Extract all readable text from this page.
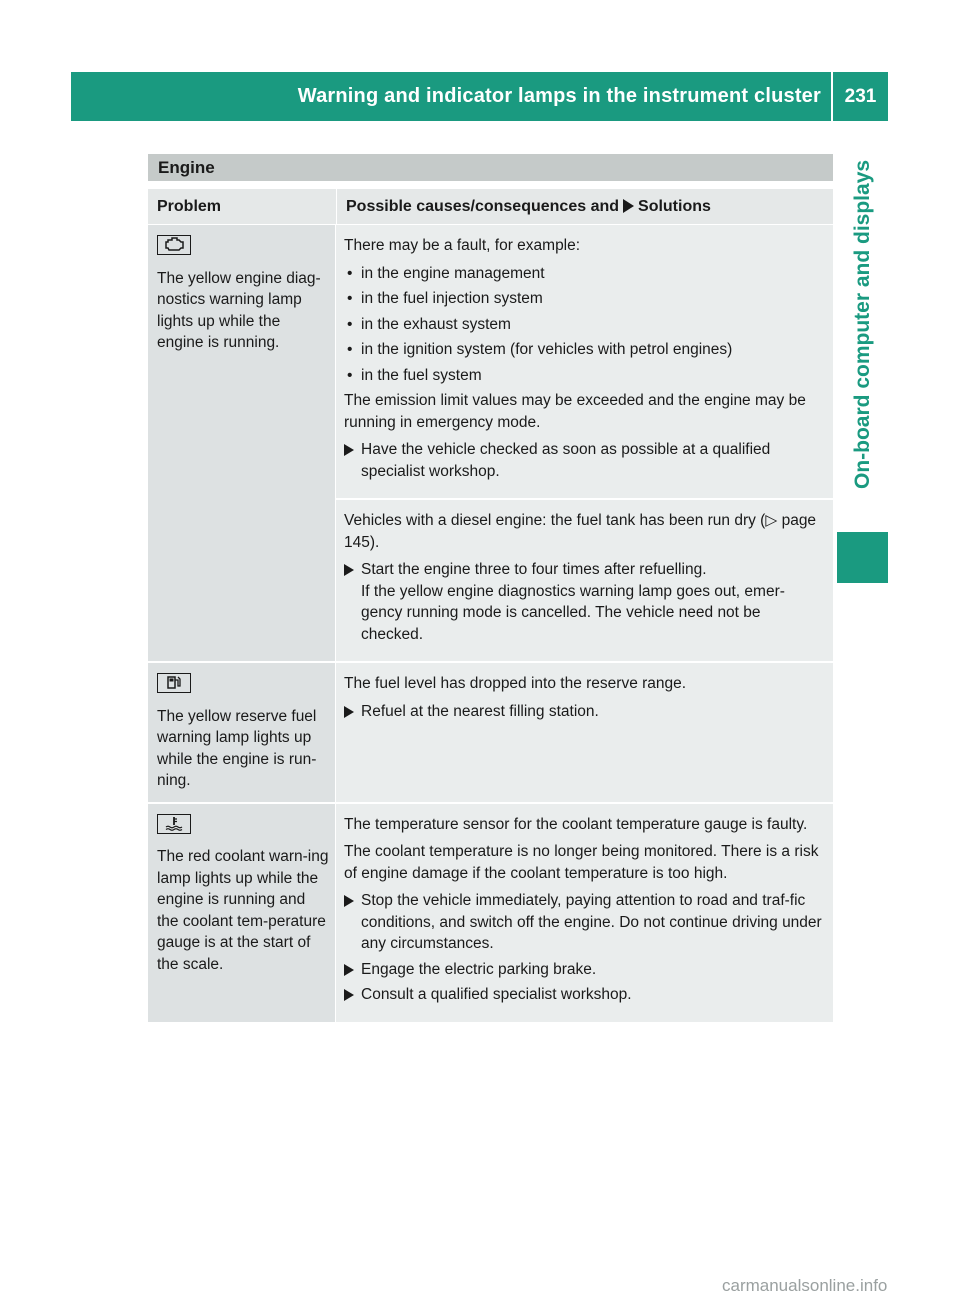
Warning and indicator lamps in the instrument cluster	231
On-board computer and displays
Engine
Problem	Possible causes/consequences and Solutions
The yellow engine diag-nostics warning lamp lights up while the engine is running.

There may be a fault, for example:

• in the engine management
• in the fuel injection system
• in the exhaust system
• in the ignition system (for vehicles with petrol engines)
• in the fuel system

The emission limit values may be exceeded and the engine may be running in emergency mode.

Have the vehicle checked as soon as possible at a qualified specialist workshop.

Vehicles with a diesel engine: the fuel tank has been run dry (▷ page 145).

Start the engine three to four times after refuelling.
If the yellow engine diagnostics warning lamp goes out, emer-gency running mode is cancelled. The vehicle need not be checked.
The yellow reserve fuel warning lamp lights up while the engine is run-ning.

The fuel level has dropped into the reserve range.

Refuel at the nearest filling station.
The red coolant warn-ing lamp lights up while the engine is running and the coolant tem-perature gauge is at the start of the scale.

The temperature sensor for the coolant temperature gauge is faulty.

The coolant temperature is no longer being monitored. There is a risk of engine damage if the coolant temperature is too high.

Stop the vehicle immediately, paying attention to road and traf-fic conditions, and switch off the engine. Do not continue driving under any circumstances.
Engage the electric parking brake.
Consult a qualified specialist workshop.
carmanualsonline.info
